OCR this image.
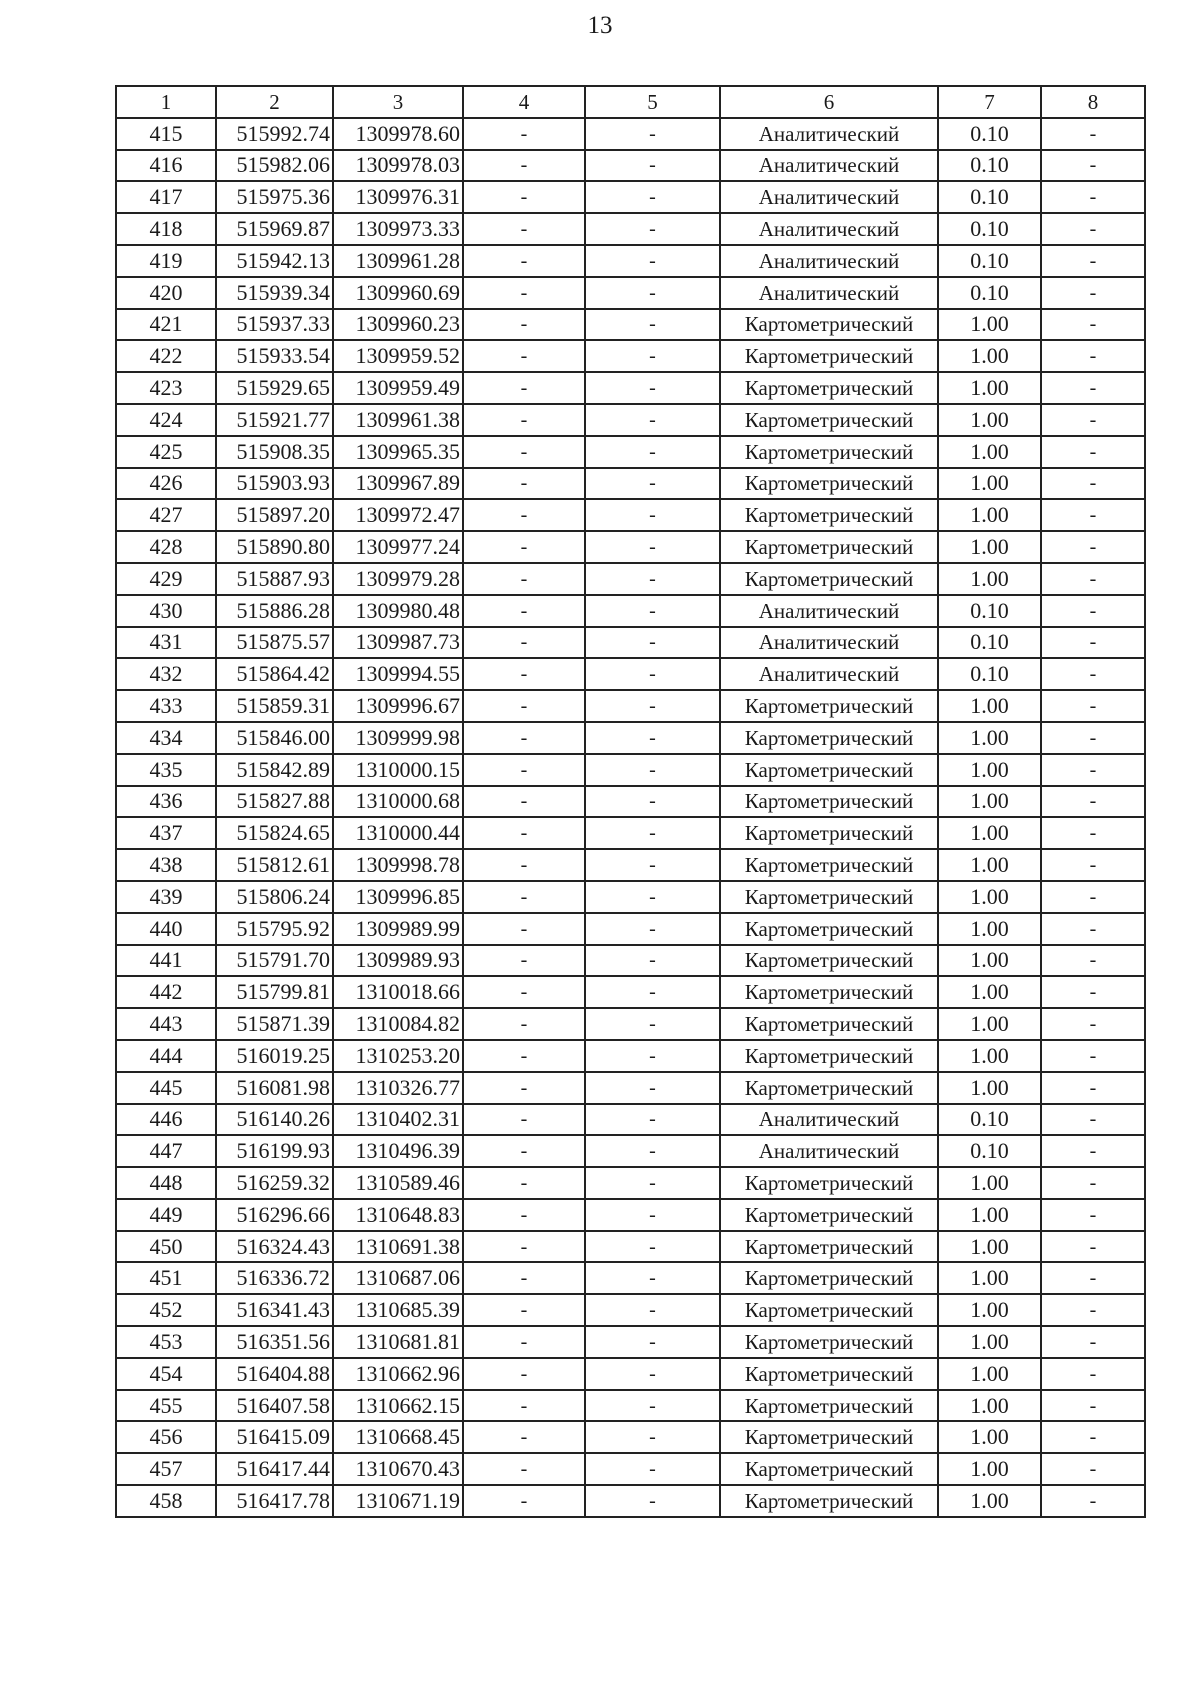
13
1	2	3	4	5	6	7	8
415	515992.74	1309978.60	-	-	Аналитический	0.10	-
416	515982.06	1309978.03	-	-	Аналитический	0.10	-
417	515975.36	1309976.31	-	-	Аналитический	0.10	-
418	515969.87	1309973.33	-	-	Аналитический	0.10	-
419	515942.13	1309961.28	-	-	Аналитический	0.10	-
420	515939.34	1309960.69	-	-	Аналитический	0.10	-
421	515937.33	1309960.23	-	-	Картометрический	1.00	-
422	515933.54	1309959.52	-	-	Картометрический	1.00	-
423	515929.65	1309959.49	-	-	Картометрический	1.00	-
424	515921.77	1309961.38	-	-	Картометрический	1.00	-
425	515908.35	1309965.35	-	-	Картометрический	1.00	-
426	515903.93	1309967.89	-	-	Картометрический	1.00	-
427	515897.20	1309972.47	-	-	Картометрический	1.00	-
428	515890.80	1309977.24	-	-	Картометрический	1.00	-
429	515887.93	1309979.28	-	-	Картометрический	1.00	-
430	515886.28	1309980.48	-	-	Аналитический	0.10	-
431	515875.57	1309987.73	-	-	Аналитический	0.10	-
432	515864.42	1309994.55	-	-	Аналитический	0.10	-
433	515859.31	1309996.67	-	-	Картометрический	1.00	-
434	515846.00	1309999.98	-	-	Картометрический	1.00	-
435	515842.89	1310000.15	-	-	Картометрический	1.00	-
436	515827.88	1310000.68	-	-	Картометрический	1.00	-
437	515824.65	1310000.44	-	-	Картометрический	1.00	-
438	515812.61	1309998.78	-	-	Картометрический	1.00	-
439	515806.24	1309996.85	-	-	Картометрический	1.00	-
440	515795.92	1309989.99	-	-	Картометрический	1.00	-
441	515791.70	1309989.93	-	-	Картометрический	1.00	-
442	515799.81	1310018.66	-	-	Картометрический	1.00	-
443	515871.39	1310084.82	-	-	Картометрический	1.00	-
444	516019.25	1310253.20	-	-	Картометрический	1.00	-
445	516081.98	1310326.77	-	-	Картометрический	1.00	-
446	516140.26	1310402.31	-	-	Аналитический	0.10	-
447	516199.93	1310496.39	-	-	Аналитический	0.10	-
448	516259.32	1310589.46	-	-	Картометрический	1.00	-
449	516296.66	1310648.83	-	-	Картометрический	1.00	-
450	516324.43	1310691.38	-	-	Картометрический	1.00	-
451	516336.72	1310687.06	-	-	Картометрический	1.00	-
452	516341.43	1310685.39	-	-	Картометрический	1.00	-
453	516351.56	1310681.81	-	-	Картометрический	1.00	-
454	516404.88	1310662.96	-	-	Картометрический	1.00	-
455	516407.58	1310662.15	-	-	Картометрический	1.00	-
456	516415.09	1310668.45	-	-	Картометрический	1.00	-
457	516417.44	1310670.43	-	-	Картометрический	1.00	-
458	516417.78	1310671.19	-	-	Картометрический	1.00	-
